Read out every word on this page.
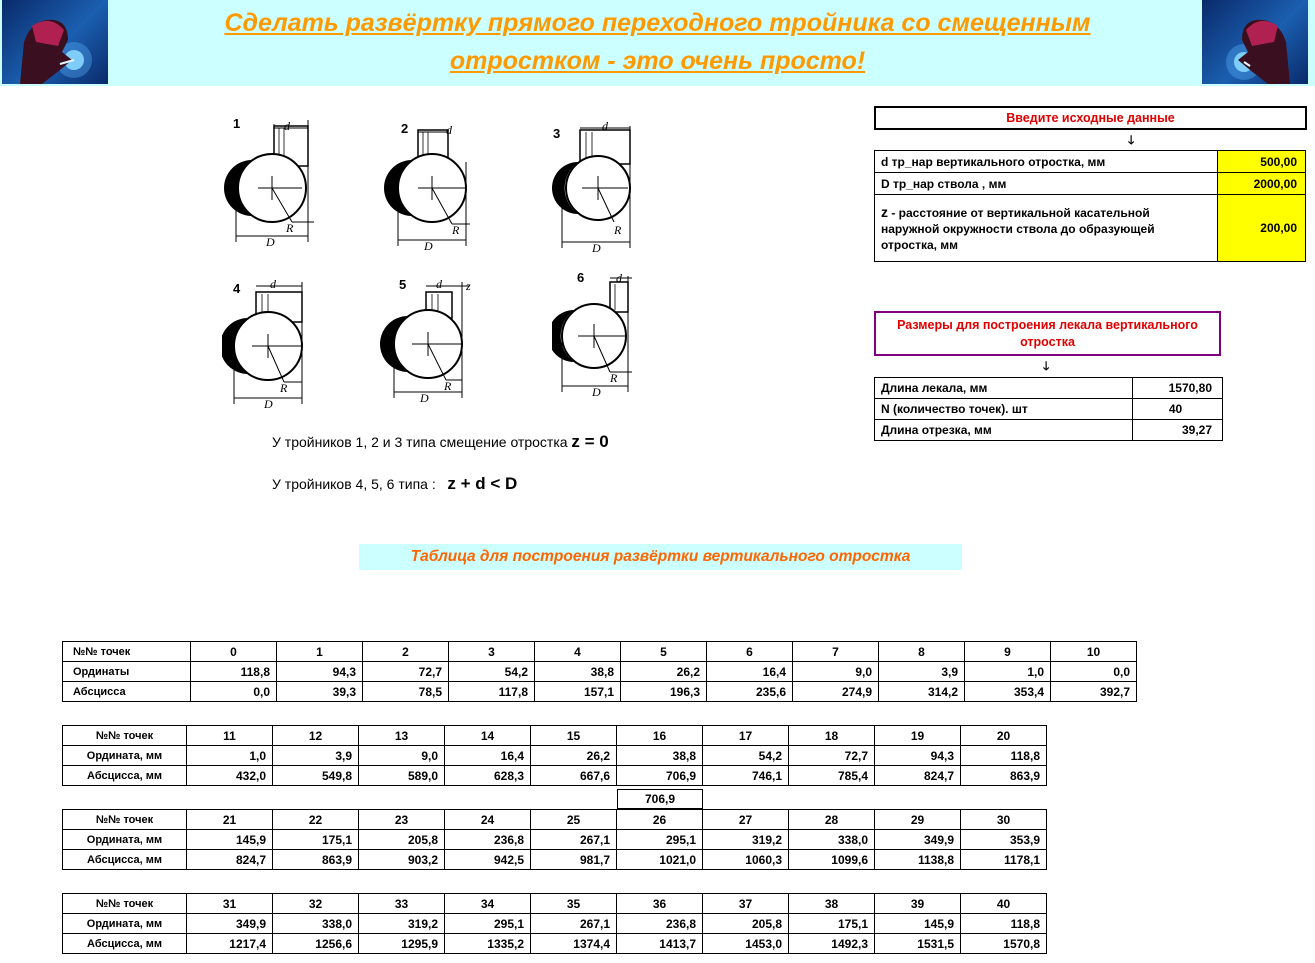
Сделать развёртку прямого переходного тройника со смещенным
отростком - это очень просто!
1	2	3
4	5	6
d
R
D
d
R
D
d
R
D
d
R
D
d z
R
D
d
R
D
У тройников 1, 2 и 3 типа смещение отростка z = 0
У тройников 4, 5, 6 типа : z + d < D
Введите исходные данные
🡓
d тр_нар вертикального отростка, мм	500,00
D тр_нар ствола , мм	2000,00
z - расстояние от вертикальной касательной наружной окружности ствола до образующей отростка, мм	200,00
Размеры для построения лекала вертикального отростка
🡓
Длина лекала, мм	1570,80
N (количество точек). шт	40
Длина отрезка, мм	39,27
Таблица для построения развёртки вертикального отростка
№№ точек	0	1	2	3	4	5	6	7	8	9	10
Ординаты	118,8	94,3	72,7	54,2	38,8	26,2	16,4	9,0	3,9	1,0	0,0
Абсцисса	0,0	39,3	78,5	117,8	157,1	196,3	235,6	274,9	314,2	353,4	392,7
№№ точек	11	12	13	14	15	16	17	18	19	20
Ордината, мм	1,0	3,9	9,0	16,4	26,2	38,8	54,2	72,7	94,3	118,8
Абсцисса, мм	432,0	549,8	589,0	628,3	667,6	706,9	746,1	785,4	824,7	863,9
№№ точек	21	22	23	24	25	26	27	28	29	30
Ордината, мм	145,9	175,1	205,8	236,8	267,1	295,1	319,2	338,0	349,9	353,9
Абсцисса, мм	824,7	863,9	903,2	942,5	981,7	1021,0	1060,3	1099,6	1138,8	1178,1
№№ точек	31	32	33	34	35	36	37	38	39	40
Ордината, мм	349,9	338,0	319,2	295,1	267,1	236,8	205,8	175,1	145,9	118,8
Абсцисса, мм	1217,4	1256,6	1295,9	1335,2	1374,4	1413,7	1453,0	1492,3	1531,5	1570,8
706,9
